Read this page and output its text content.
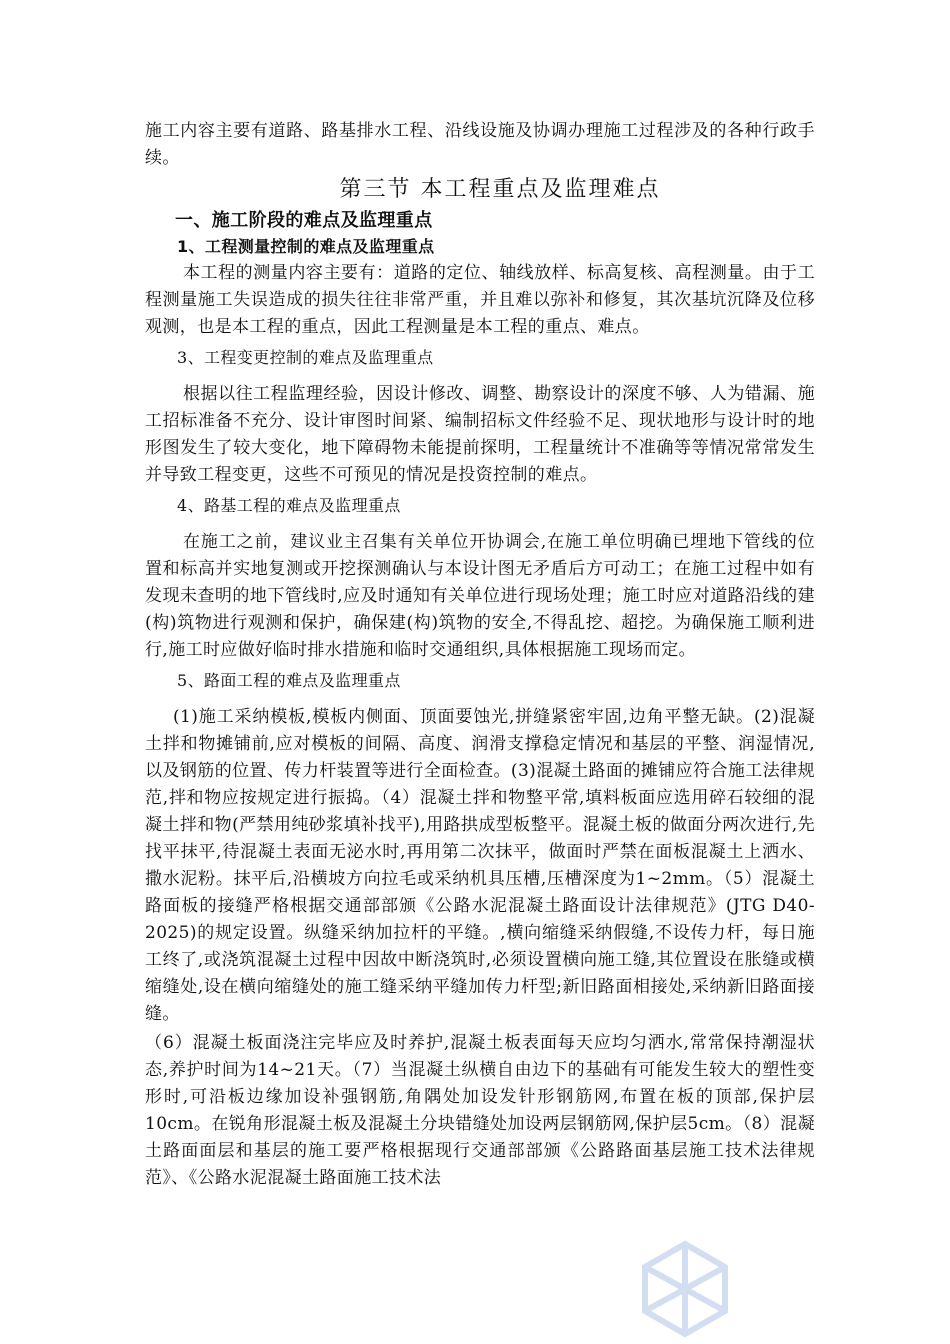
施工内容主要有道路、路基排水工程、沿线设施及协调办理施工过程涉及的各种行政手续。

第三节 本工程重点及监理难点

一、施工阶段的难点及监理重点

1、工程测量控制的难点及监理重点

本工程的测量内容主要有：道路的定位、轴线放样、标高复核、高程测量。由于工程测量施工失误造成的损失往往非常严重，并且难以弥补和修复，其次基坑沉降及位移观测，也是本工程的重点，因此工程测量是本工程的重点、难点。

3、工程变更控制的难点及监理重点

根据以往工程监理经验，因设计修改、调整、勘察设计的深度不够、人为错漏、施工招标准备不充分、设计审图时间紧、编制招标文件经验不足、现状地形与设计时的地形图发生了较大变化，地下障碍物未能提前探明，工程量统计不准确等等情况常常发生并导致工程变更，这些不可预见的情况是投资控制的难点。

4、路基工程的难点及监理重点

在施工之前，建议业主召集有关单位开协调会,在施工单位明确已埋地下管线的位置和标高并实地复测或开挖探测确认与本设计图无矛盾后方可动工；在施工过程中如有发现未查明的地下管线时,应及时通知有关单位进行现场处理；施工时应对道路沿线的建(构)筑物进行观测和保护，确保建(构)筑物的安全,不得乱挖、超挖。为确保施工顺利进行,施工时应做好临时排水措施和临时交通组织,具体根据施工现场而定。

5、路面工程的难点及监理重点

(1)施工采纳模板,模板内侧面、顶面要蚀光,拼缝紧密牢固,边角平整无缺。(2)混凝土拌和物摊铺前,应对模板的间隔、高度、润滑支撑稳定情况和基层的平整、润湿情况,以及钢筋的位置、传力杆装置等进行全面检查。(3)混凝土路面的摊铺应符合施工法律规范,拌和物应按规定进行振捣。（4）混凝土拌和物整平常,填料板面应选用碎石较细的混凝土拌和物(严禁用纯砂浆填补找平),用路拱成型板整平。混凝土板的做面分两次进行,先找平抹平,待混凝土表面无泌水时,再用第二次抹平，做面时严禁在面板混凝土上洒水、撒水泥粉。抹平后,沿横坡方向拉毛或采纳机具压槽,压槽深度为1~2mm。（5）混凝土路面板的接缝严格根据交通部部颁《公路水泥混凝土路面设计法律规范》(JTG D40-2025)的规定设置。纵缝采纳加拉杆的平缝。,横向缩缝采纳假缝,不设传力杆，每日施工终了,或浇筑混凝土过程中因故中断浇筑时,必须设置横向施工缝,其位置设在胀缝或横缩缝处,设在横向缩缝处的施工缝采纳平缝加传力杆型;新旧路面相接处,采纳新旧路面接缝。

（6）混凝土板面浇注完毕应及时养护,混凝土板表面每天应均匀洒水,常常保持潮湿状态,养护时间为14~21天。（7）当混凝土纵横自由边下的基础有可能发生较大的塑性变形时,可沿板边缘加设补强钢筋,角隅处加设发针形钢筋网,布置在板的顶部,保护层10cm。在锐角形混凝土板及混凝土分块错缝处加设两层钢筋网,保护层5cm。（8）混凝土路面面层和基层的施工要严格根据现行交通部部颁《公路路面基层施工技术法律规范》、《公路水泥混凝土路面施工技术法
